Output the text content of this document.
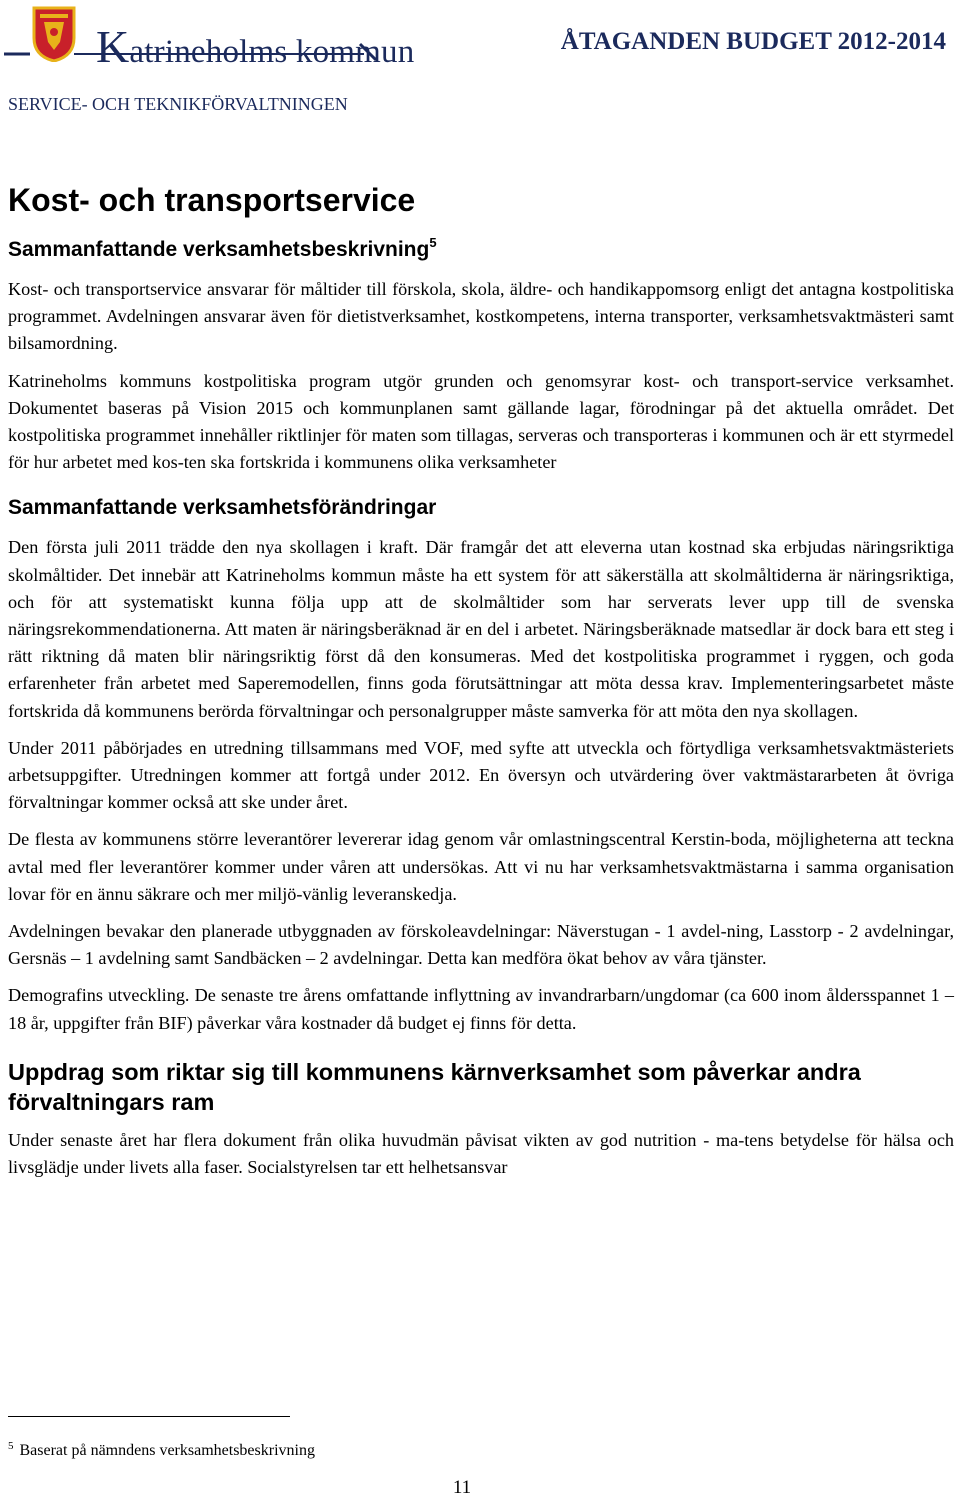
Katrineholms kommun	ÅTAGANDEN BUDGET 2012-2014
SERVICE- OCH TEKNIKFÖRVALTNINGEN
Kost- och transportservice
Sammanfattande verksamhetsbeskrivning$^5$

Kost- och transportservice ansvarar för måltider till förskola, skola, äldre- och handikappomsorg enligt det antagna kostpolitiska programmet. Avdelningen ansvarar även för dietistverksamhet, kostkompetens, interna transporter, verksamhetsvaktmästeri samt bilsamordning.

Katrineholms kommuns kostpolitiska program utgör grunden och genomsyrar kost- och transport-service verksamhet. Dokumentet baseras på Vision 2015 och kommunplanen samt gällande lagar, förodningar på det aktuella området. Det kostpolitiska programmet innehåller riktlinjer för maten som tillagas, serveras och transporteras i kommunen och är ett styrmedel för hur arbetet med kos-ten ska fortskrida i kommunens olika verksamheter

Sammanfattande verksamhetsförändringar

Den första juli 2011 trädde den nya skollagen i kraft. Där framgår det att eleverna utan kostnad ska erbjudas näringsriktiga skolmåltider. Det innebär att Katrineholms kommun måste ha ett system för att säkerställa att skolmåltiderna är näringsriktiga, och för att systematiskt kunna följa upp att de skolmåltider som har serverats lever upp till de svenska näringsrekommendationerna. Att maten är näringsberäknad är en del i arbetet. Näringsberäknade matsedlar är dock bara ett steg i rätt riktning då maten blir näringsriktig först då den konsumeras. Med det kostpolitiska programmet i ryggen, och goda erfarenheter från arbetet med Saperemodellen, finns goda förutsättningar att möta dessa krav. Implementeringsarbetet måste fortskrida då kommunens berörda förvaltningar och personalgrupper måste samverka för att möta den nya skollagen.

Under 2011 påbörjades en utredning tillsammans med VOF, med syfte att utveckla och förtydliga verksamhetsvaktmästeriets arbetsuppgifter. Utredningen kommer att fortgå under 2012. En översyn och utvärdering över vaktmästararbeten åt övriga förvaltningar kommer också att ske under året.

De flesta av kommunens större leverantörer levererar idag genom vår omlastningscentral Kerstin-boda, möjligheterna att teckna avtal med fler leverantörer kommer under våren att undersökas. Att vi nu har verksamhetsvaktmästarna i samma organisation lovar för en ännu säkrare och mer miljö-vänlig leveranskedja.

Avdelningen bevakar den planerade utbyggnaden av förskoleavdelningar: Näverstugan - 1 avdel-ning, Lasstorp - 2 avdelningar, Gersnäs – 1 avdelning samt Sandbäcken – 2 avdelningar. Detta kan medföra ökat behov av våra tjänster.

Demografins utveckling. De senaste tre årens omfattande inflyttning av invandrarbarn/ungdomar (ca 600 inom åldersspannet 1 – 18 år, uppgifter från BIF) påverkar våra kostnader då budget ej finns för detta.

Uppdrag som riktar sig till kommunens kärnverksamhet som påverkar andra förvaltningars ram

Under senaste året har flera dokument från olika huvudmän påvisat vikten av god nutrition - ma-tens betydelse för hälsa och livsglädje under livets alla faser. Socialstyrelsen tar ett helhetsansvar

$^5$ Baserat på nämndens verksamhetsbeskrivning
11
